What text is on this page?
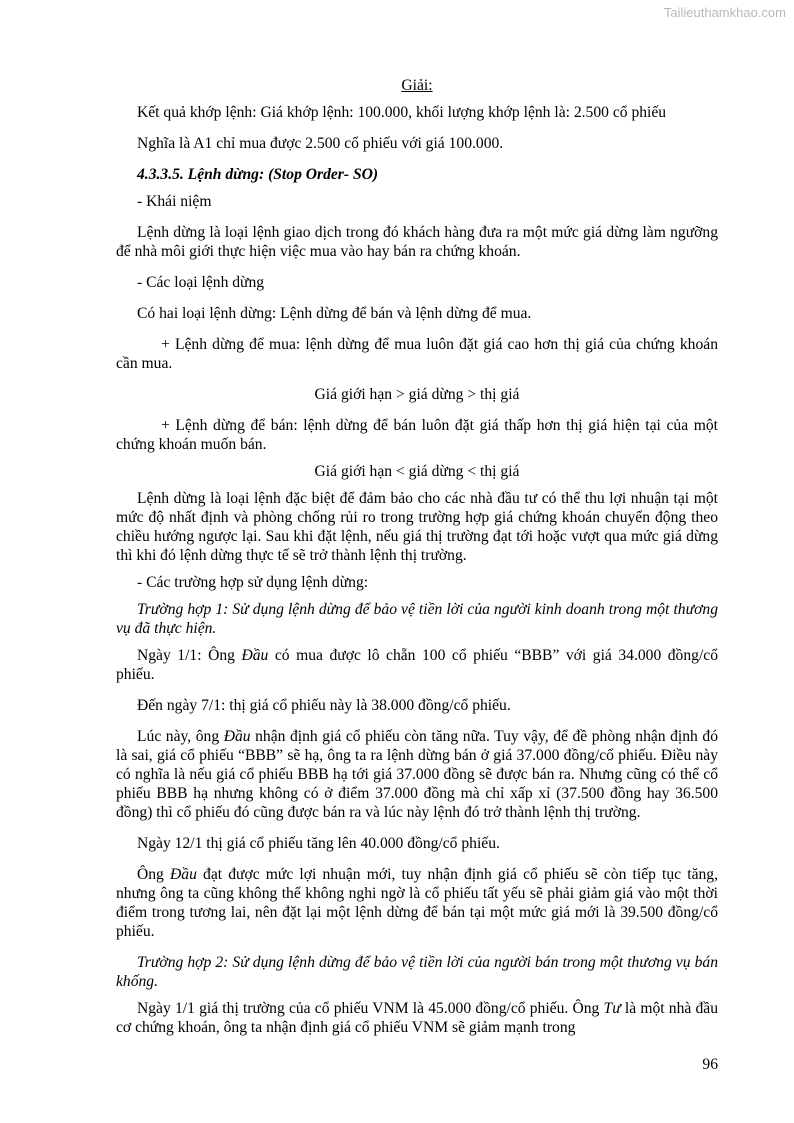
Tailieuthamkhao.com

Giải:

Kết quả khớp lệnh: Giá khớp lệnh: 100.000, khối lượng khớp lệnh là: 2.500 cổ phiếu

Nghĩa là A1 chỉ mua được 2.500 cổ phiếu với giá 100.000.

4.3.3.5. Lệnh dừng: (Stop Order- SO)

- Khái niệm

Lệnh dừng là loại lệnh giao dịch trong đó khách hàng đưa ra một mức giá dừng làm ngưỡng để nhà môi giới thực hiện việc mua vào hay bán ra chứng khoán.

- Các loại lệnh dừng

Có hai loại lệnh dừng: Lệnh dừng để bán và lệnh dừng để mua.

+ Lệnh dừng để mua: lệnh dừng để mua luôn đặt giá cao hơn thị giá của chứng khoán cần mua.

Giá giới hạn > giá dừng > thị giá

+ Lệnh dừng để bán: lệnh dừng để bán luôn đặt giá thấp hơn thị giá hiện tại của một chứng khoán muốn bán.

Giá giới hạn < giá dừng < thị giá

Lệnh dừng là loại lệnh đặc biệt để đảm bảo cho các nhà đầu tư có thể thu lợi nhuận tại một mức độ nhất định và phòng chống rủi ro trong trường hợp giá chứng khoán chuyển động theo chiều hướng ngược lại. Sau khi đặt lệnh, nếu giá thị trường đạt tới hoặc vượt qua mức giá dừng thì khi đó lệnh dừng thực tế sẽ trở thành lệnh thị trường.

- Các trường hợp sử dụng lệnh dừng:

Trường hợp 1: Sử dụng lệnh dừng để bảo vệ tiền lời của người kinh doanh trong một thương vụ đã thực hiện.

Ngày 1/1: Ông Đầu có mua được lô chẵn 100 cổ phiếu “BBB” với giá 34.000 đồng/cổ phiếu.

Đến ngày 7/1: thị giá cổ phiếu này là 38.000 đồng/cổ phiếu.

Lúc này, ông Đầu nhận định giá cổ phiếu còn tăng nữa. Tuy vậy, để đề phòng nhận định đó là sai, giá cổ phiếu “BBB” sẽ hạ, ông ta ra lệnh dừng bán ở giá 37.000 đồng/cổ phiếu. Điều này có nghĩa là nếu giá cổ phiếu BBB hạ tới giá 37.000 đồng sẽ được bán ra. Nhưng cũng có thể cổ phiếu BBB hạ nhưng không có ở điểm 37.000 đồng mà chỉ xấp xỉ (37.500 đồng hay 36.500 đồng) thì cổ phiếu đó cũng được bán ra và lúc này lệnh đó trở thành lệnh thị trường.

Ngày 12/1 thị giá cổ phiếu tăng lên 40.000 đồng/cổ phiếu.

Ông Đầu đạt được mức lợi nhuận mới, tuy nhận định giá cổ phiếu sẽ còn tiếp tục tăng, nhưng ông ta cũng không thể không nghi ngờ là cổ phiếu tất yếu sẽ phải giảm giá vào một thời điểm trong tương lai, nên đặt lại một lệnh dừng để bán tại một mức giá mới là 39.500 đồng/cổ phiếu.

Trường hợp 2: Sử dụng lệnh dừng để bảo vệ tiền lời của người bán trong một thương vụ bán khống.

Ngày 1/1 giá thị trường của cổ phiếu VNM là 45.000 đồng/cổ phiếu. Ông Tư là một nhà đầu cơ chứng khoán, ông ta nhận định giá cổ phiếu VNM sẽ giảm mạnh trong

96
